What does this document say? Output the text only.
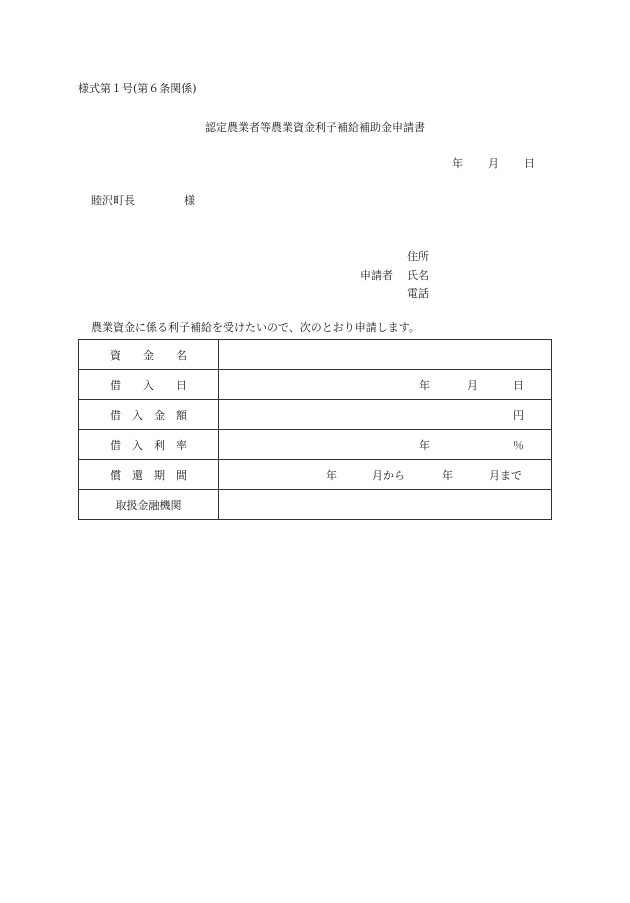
様式第１号(第６条関係)
認定農業者等農業資金利子補給補助金申請書
年 月 日
睦沢町長	様
住所
申請者 氏名
電話
農業資金に係る利子補給を受けたいので、次のとおり申請します。
資　　金　　名	
借　　入　　日	年 月 日

借　入　金　額	円

借　入　利　率	年 ％

償　還　期　間	年 月から 年 月まで

取扱金融機関	
